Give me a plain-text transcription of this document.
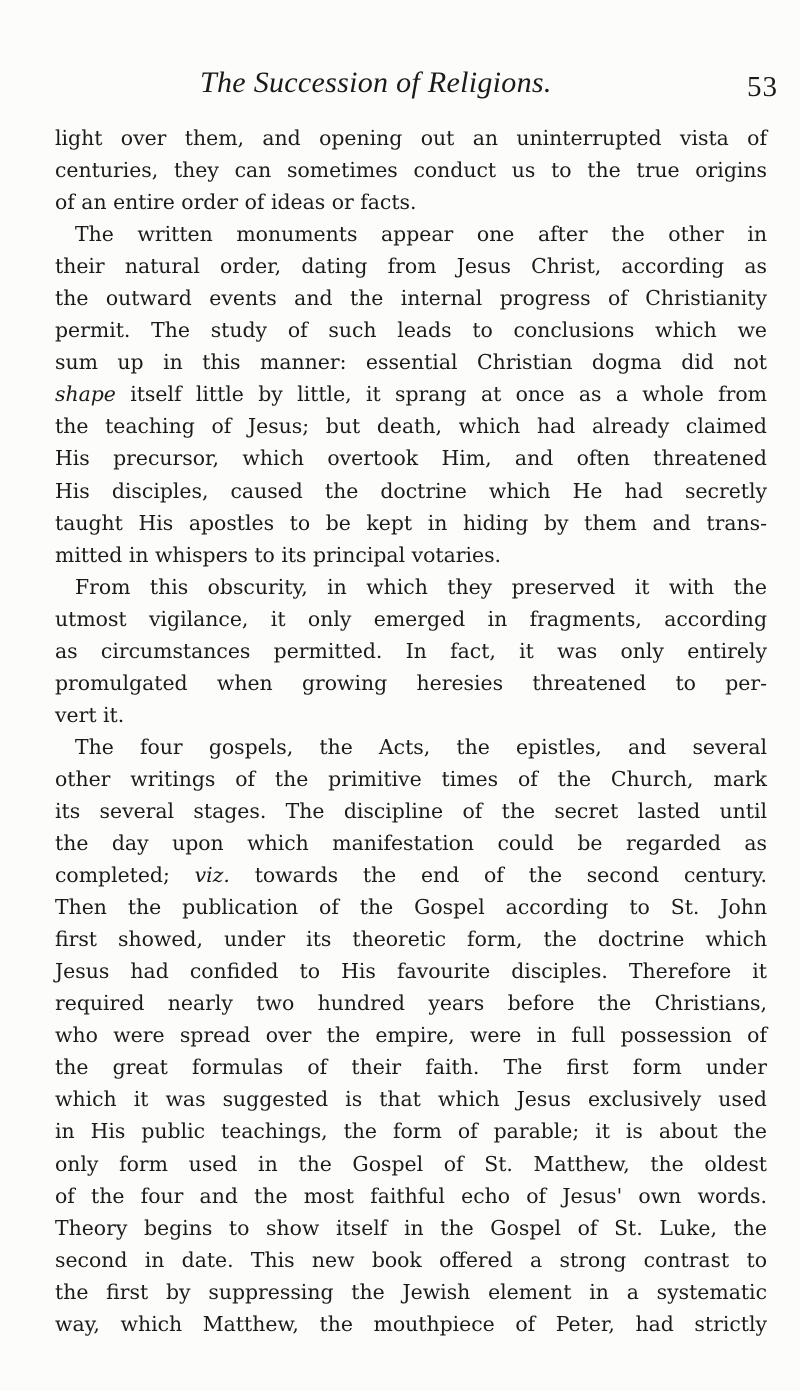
The Succession of Religions.	53
light over them, and opening out an uninterrupted vista of
centuries, they can sometimes conduct us to the true origins
of an entire order of ideas or facts.
The written monuments appear one after the other in
their natural order, dating from Jesus Christ, according as
the outward events and the internal progress of Christianity
permit. The study of such leads to conclusions which we
sum up in this manner: essential Christian dogma did not
shape itself little by little, it sprang at once as a whole from
the teaching of Jesus; but death, which had already claimed
His precursor, which overtook Him, and often threatened
His disciples, caused the doctrine which He had secretly
taught His apostles to be kept in hiding by them and trans-
mitted in whispers to its principal votaries.
From this obscurity, in which they preserved it with the
utmost vigilance, it only emerged in fragments, according
as circumstances permitted. In fact, it was only entirely
promulgated when growing heresies threatened to per-
vert it.
The four gospels, the Acts, the epistles, and several
other writings of the primitive times of the Church, mark
its several stages. The discipline of the secret lasted until
the day upon which manifestation could be regarded as
completed; viz. towards the end of the second century.
Then the publication of the Gospel according to St. John
first showed, under its theoretic form, the doctrine which
Jesus had confided to His favourite disciples. Therefore it
required nearly two hundred years before the Christians,
who were spread over the empire, were in full possession of
the great formulas of their faith. The first form under
which it was suggested is that which Jesus exclusively used
in His public teachings, the form of parable; it is about the
only form used in the Gospel of St. Matthew, the oldest
of the four and the most faithful echo of Jesus' own words.
Theory begins to show itself in the Gospel of St. Luke, the
second in date. This new book offered a strong contrast to
the first by suppressing the Jewish element in a systematic
way, which Matthew, the mouthpiece of Peter, had strictly
